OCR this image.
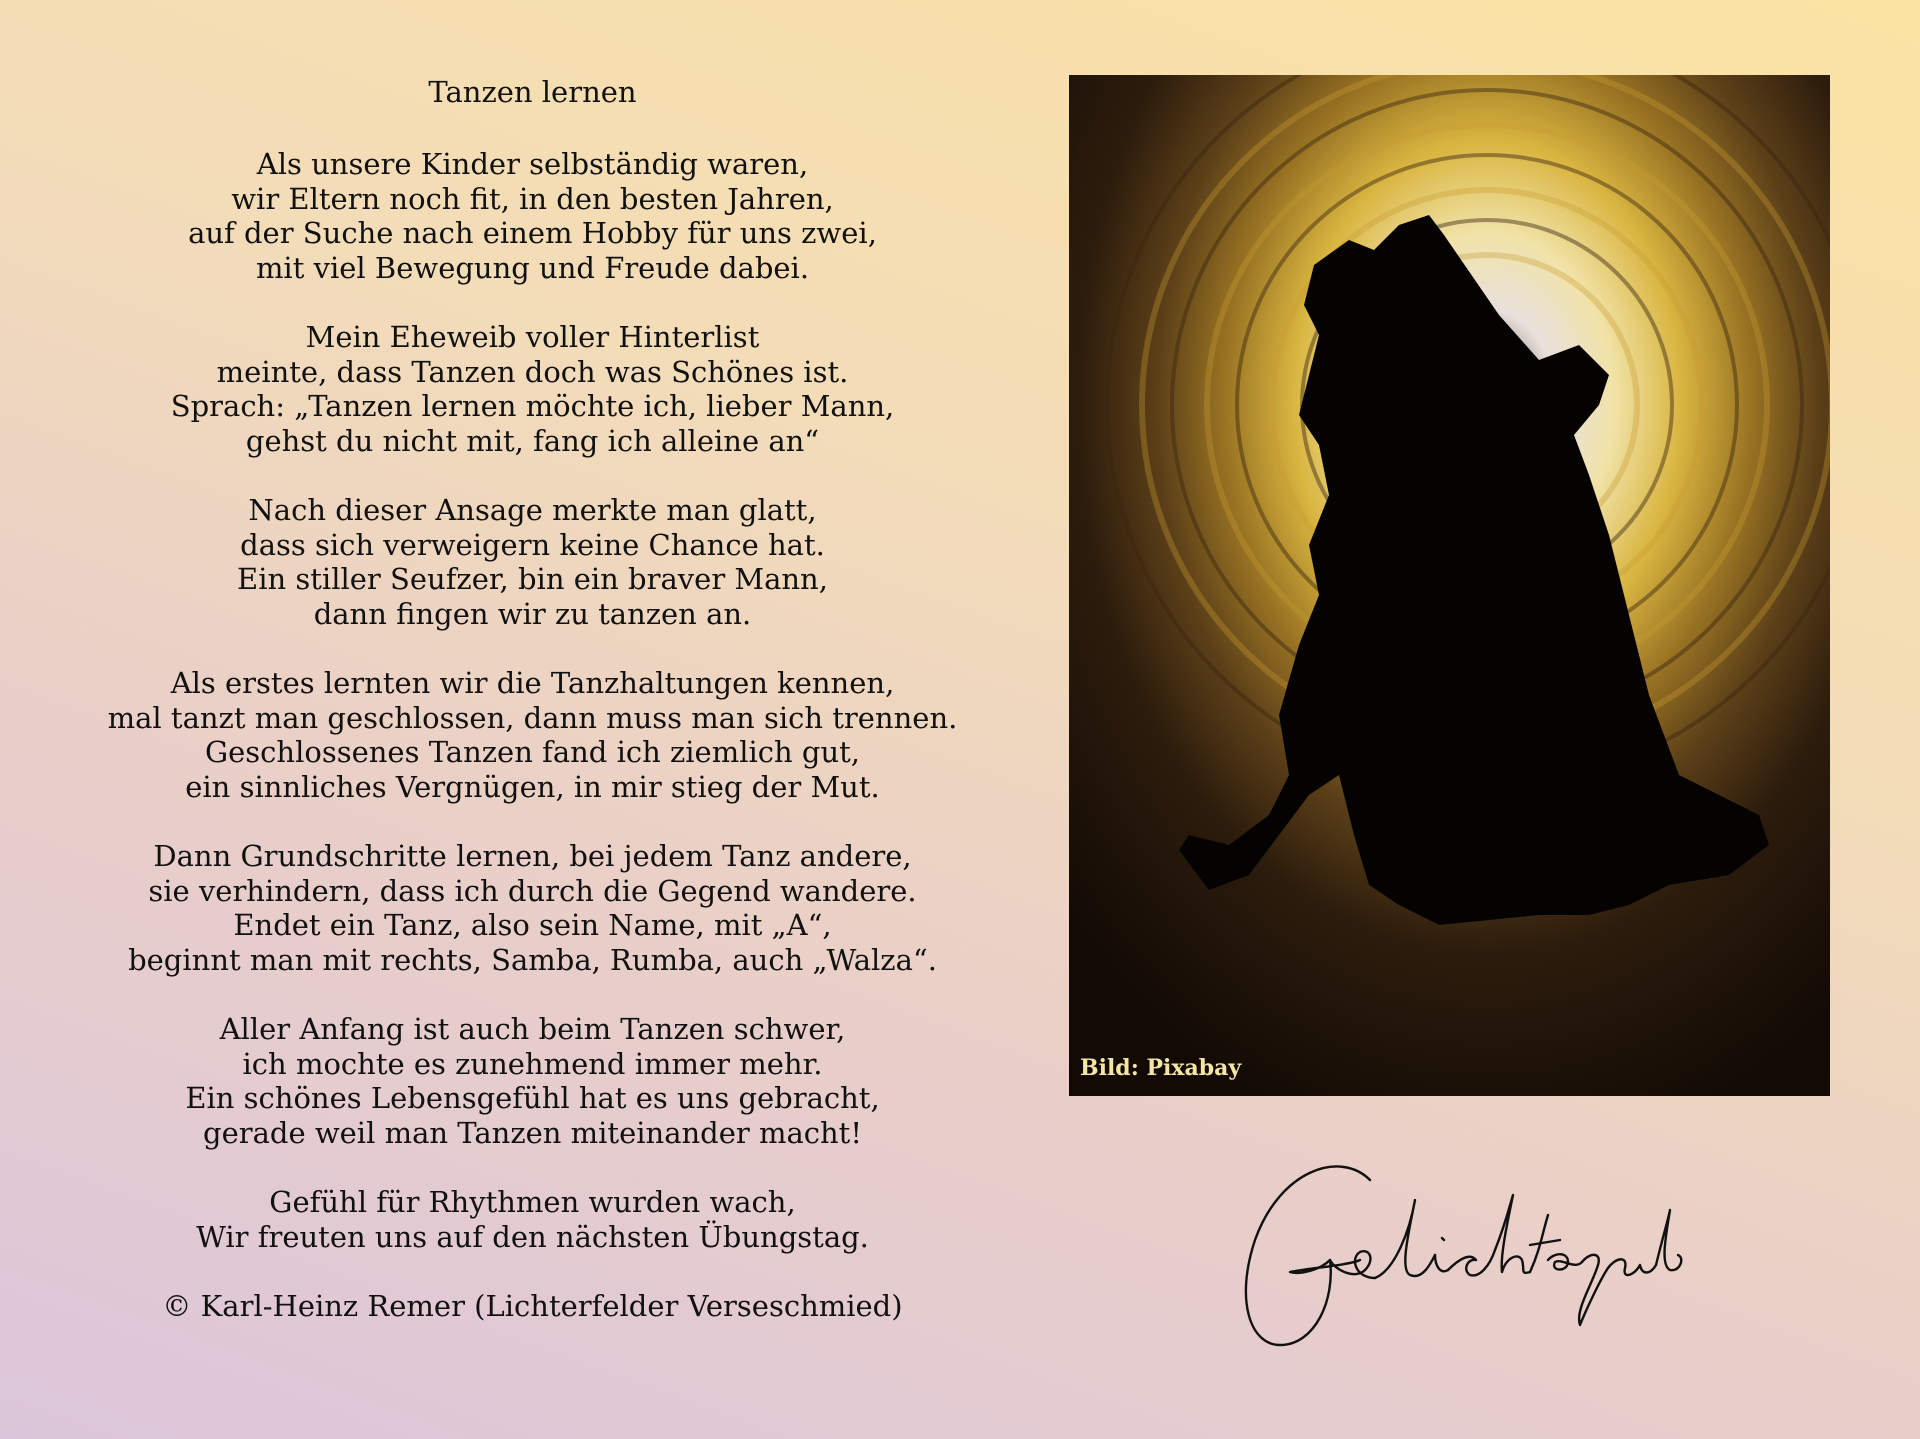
Tanzen lernen
Als unsere Kinder selbständig waren,
wir Eltern noch fit, in den besten Jahren,
auf der Suche nach einem Hobby für uns zwei,
mit viel Bewegung und Freude dabei.
Mein Eheweib voller Hinterlist
meinte, dass Tanzen doch was Schönes ist.
Sprach: „Tanzen lernen möchte ich, lieber Mann,
gehst du nicht mit, fang ich alleine an“
Nach dieser Ansage merkte man glatt,
dass sich verweigern keine Chance hat.
Ein stiller Seufzer, bin ein braver Mann,
dann fingen wir zu tanzen an.
Als erstes lernten wir die Tanzhaltungen kennen,
mal tanzt man geschlossen, dann muss man sich trennen.
Geschlossenes Tanzen fand ich ziemlich gut,
ein sinnliches Vergnügen, in mir stieg der Mut.
Dann Grundschritte lernen, bei jedem Tanz andere,
sie verhindern, dass ich durch die Gegend wandere.
Endet ein Tanz, also sein Name, mit „A“,
beginnt man mit rechts, Samba, Rumba, auch „Walza“.
Aller Anfang ist auch beim Tanzen schwer,
ich mochte es zunehmend immer mehr.
Ein schönes Lebensgefühl hat es uns gebracht,
gerade weil man Tanzen miteinander macht!
Gefühl für Rhythmen wurden wach,
Wir freuten uns auf den nächsten Übungstag.
© Karl-Heinz Remer (Lichterfelder Verseschmied)
Bild: Pixabay
